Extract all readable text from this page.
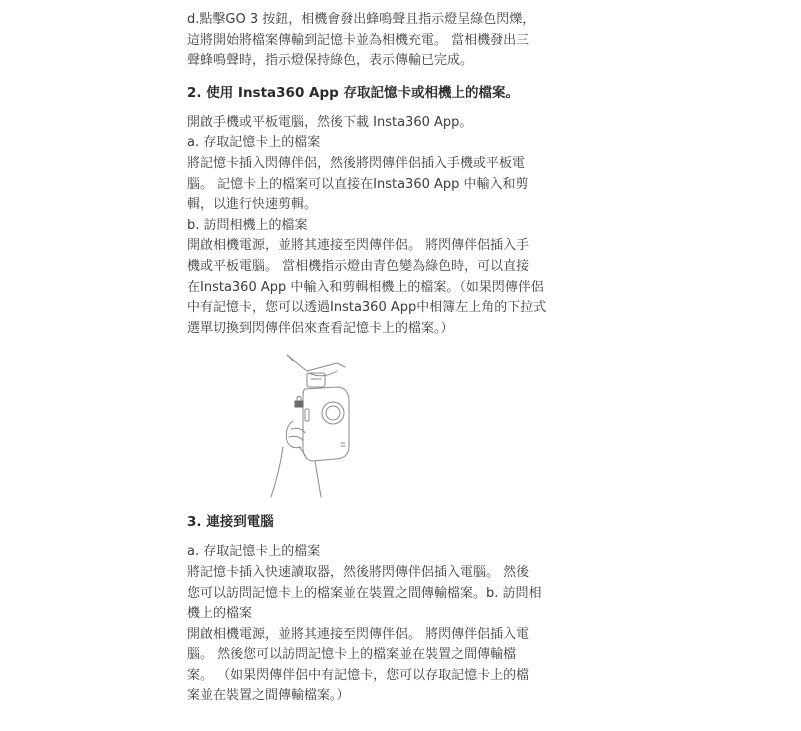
d.點擊GO 3 按鈕，相機會發出蜂鳴聲且指示燈呈綠色閃爍，
這將開始將檔案傳輸到記憶卡並為相機充電。 當相機發出三
聲蜂鳴聲時，指示燈保持綠色，表示傳輸已完成。

2. 使用 Insta360 App 存取記憶卡或相機上的檔案。

開啟手機或平板電腦，然後下載 Insta360 App。
a. 存取記憶卡上的檔案
將記憶卡插入閃傳伴侶，然後將閃傳伴侶插入手機或平板電
腦。 記憶卡上的檔案可以直接在Insta360 App 中輸入和剪
輯，以進行快速剪輯。
b. 訪問相機上的檔案
開啟相機電源，並將其連接至閃傳伴侶。 將閃傳伴侶插入手
機或平板電腦。 當相機指示燈由青色變為綠色時，可以直接
在Insta360 App 中輸入和剪輯相機上的檔案。（如果閃傳伴侶
中有記憶卡，您可以透過Insta360 App中相簿左上角的下拉式
選單切換到閃傳伴侶來查看記憶卡上的檔案。）

3. 連接到電腦

a. 存取記憶卡上的檔案
將記憶卡插入快速讀取器，然後將閃傳伴侶插入電腦。 然後
您可以訪問記憶卡上的檔案並在裝置之間傳輸檔案。b. 訪問相
機上的檔案
開啟相機電源，並將其連接至閃傳伴侶。 將閃傳伴侶插入電
腦。 然後您可以訪問記憶卡上的檔案並在裝置之間傳輸檔
案。 （如果閃傳伴侶中有記憶卡，您可以存取記憶卡上的檔
案並在裝置之間傳輸檔案。）
